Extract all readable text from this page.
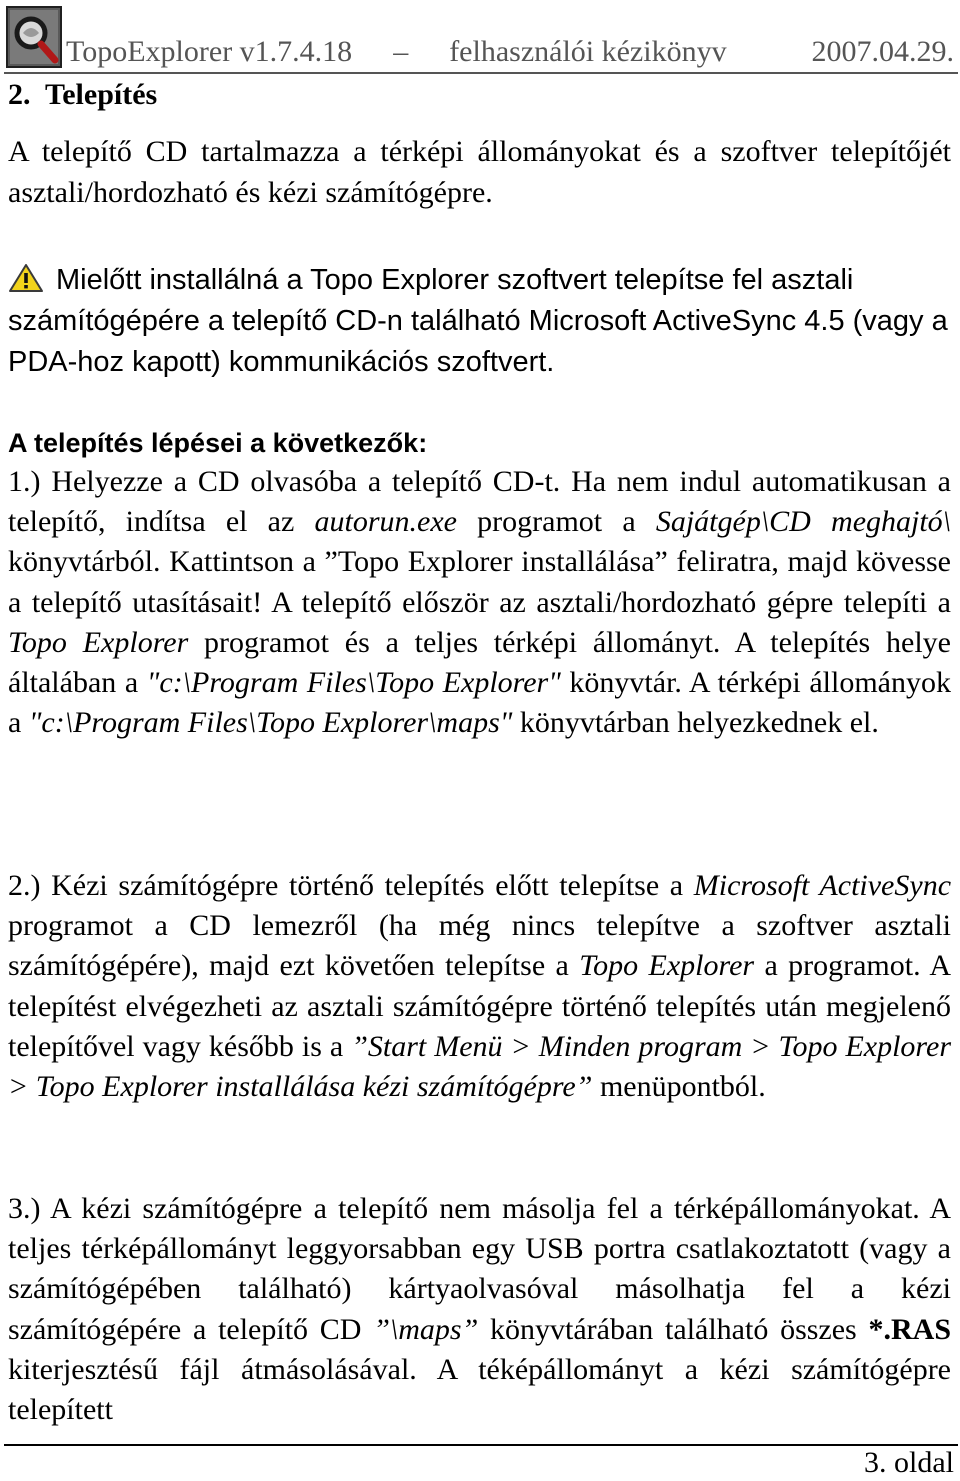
TopoExplorer v1.7.4.18 – felhasználói kézikönyv	2007.04.29.
2. Telepítés
A telepítő CD tartalmazza a térképi állományokat és a szoftver telepítőjét asztali/hordozható és kézi számítógépre.
Mielőtt installálná a Topo Explorer szoftvert telepítse fel asztali számítógépére a telepítő CD-n található Microsoft ActiveSync 4.5 (vagy a PDA-hoz kapott) kommunikációs szoftvert.
A telepítés lépései a következők:
1.) Helyezze a CD olvasóba a telepítő CD-t. Ha nem indul automatikusan a telepítő, indítsa el az autorun.exe programot a Sajátgép\CD meghajtó\ könyvtárból. Kattintson a ”Topo Explorer installálása” feliratra, majd kövesse a telepítő utasításait! A telepítő először az asztali/hordozható gépre telepíti a Topo Explorer programot és a teljes térképi állományt. A telepítés helye általában a "c:\Program Files\Topo Explorer" könyvtár. A térképi állományok a "c:\Program Files\Topo Explorer\maps" könyvtárban helyezkednek el.
2.) Kézi számítógépre történő telepítés előtt telepítse a Microsoft ActiveSync programot a CD lemezről (ha még nincs telepítve a szoftver asztali számítógépére), majd ezt követően telepítse a Topo Explorer a programot. A telepítést elvégezheti az asztali számítógépre történő telepítés után megjelenő telepítővel vagy később is a ”Start Menü > Minden program > Topo Explorer > Topo Explorer installálása kézi számítógépre” menüpontból.
3.) A kézi számítógépre a telepítő nem másolja fel a térképállományokat. A teljes térképállományt leggyorsabban egy USB portra csatlakoztatott (vagy a számítógépében található) kártyaolvasóval másolhatja fel a kézi számítógépére a telepítő CD ”\maps” könyvtárában található összes *.RAS kiterjesztésű fájl átmásolásával. A téképállományt a kézi számítógépre telepített
3. oldal
